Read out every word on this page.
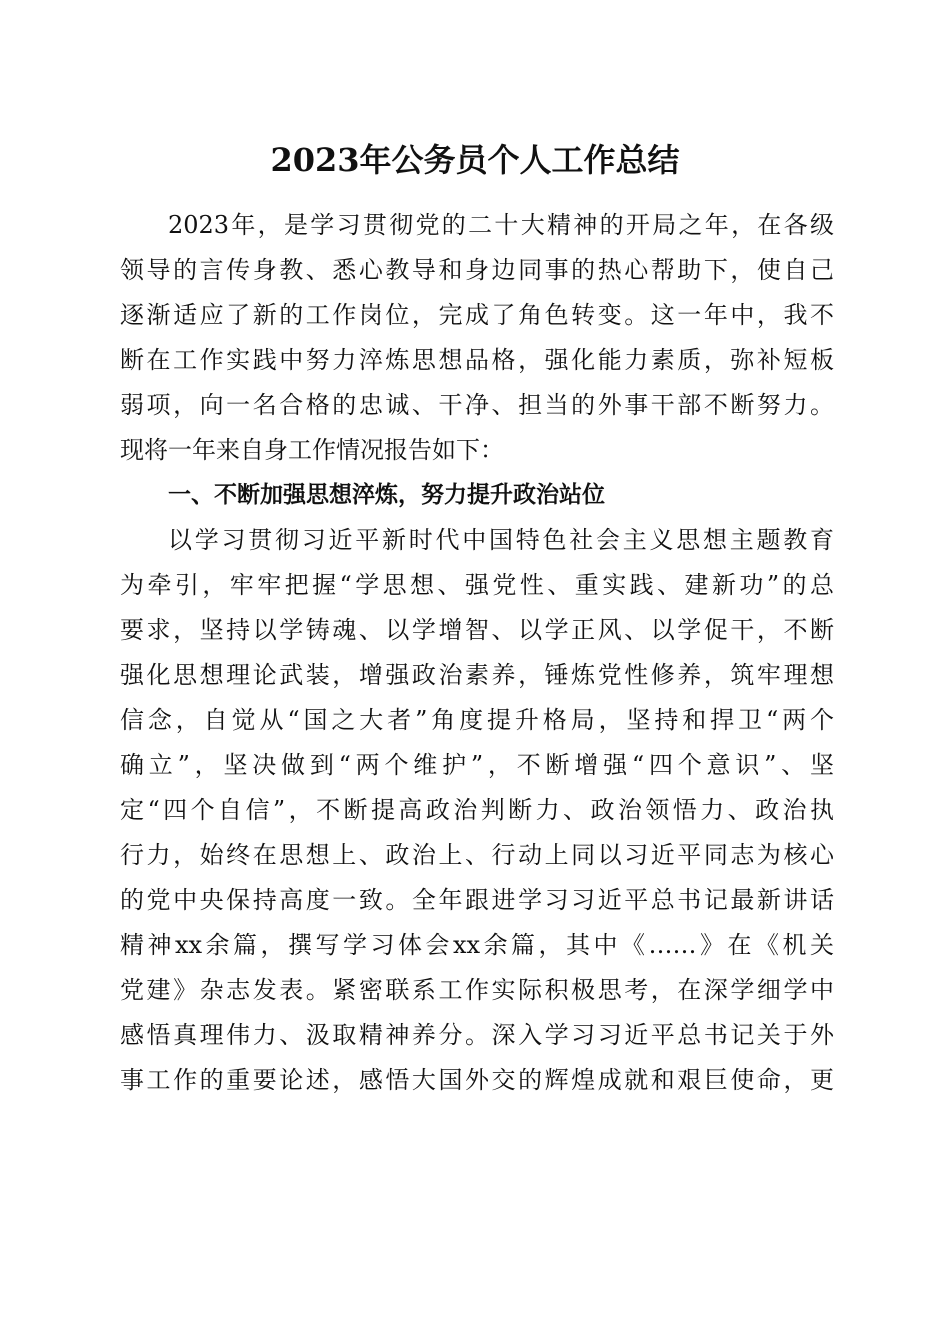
2023年公务员个人工作总结
2023年，是学习贯彻党的二十大精神的开局之年，在各级
领导的言传身教、悉心教导和身边同事的热心帮助下，使自己
逐渐适应了新的工作岗位，完成了角色转变。这一年中，我不
断在工作实践中努力淬炼思想品格，强化能力素质，弥补短板
弱项，向一名合格的忠诚、干净、担当的外事干部不断努力。
现将一年来自身工作情况报告如下：
一、不断加强思想淬炼，努力提升政治站位
以学习贯彻习近平新时代中国特色社会主义思想主题教育
为牵引，牢牢把握“学思想、强党性、重实践、建新功”的总
要求，坚持以学铸魂、以学增智、以学正风、以学促干，不断
强化思想理论武装，增强政治素养，锤炼党性修养，筑牢理想
信念，自觉从“国之大者”角度提升格局，坚持和捍卫“两个
确立”，坚决做到“两个维护”，不断增强“四个意识”、坚
定“四个自信”，不断提高政治判断力、政治领悟力、政治执
行力，始终在思想上、政治上、行动上同以习近平同志为核心
的党中央保持高度一致。全年跟进学习习近平总书记最新讲话
精神xx余篇，撰写学习体会xx余篇，其中《……》在《机关
党建》杂志发表。紧密联系工作实际积极思考，在深学细学中
感悟真理伟力、汲取精神养分。深入学习习近平总书记关于外
事工作的重要论述，感悟大国外交的辉煌成就和艰巨使命，更
